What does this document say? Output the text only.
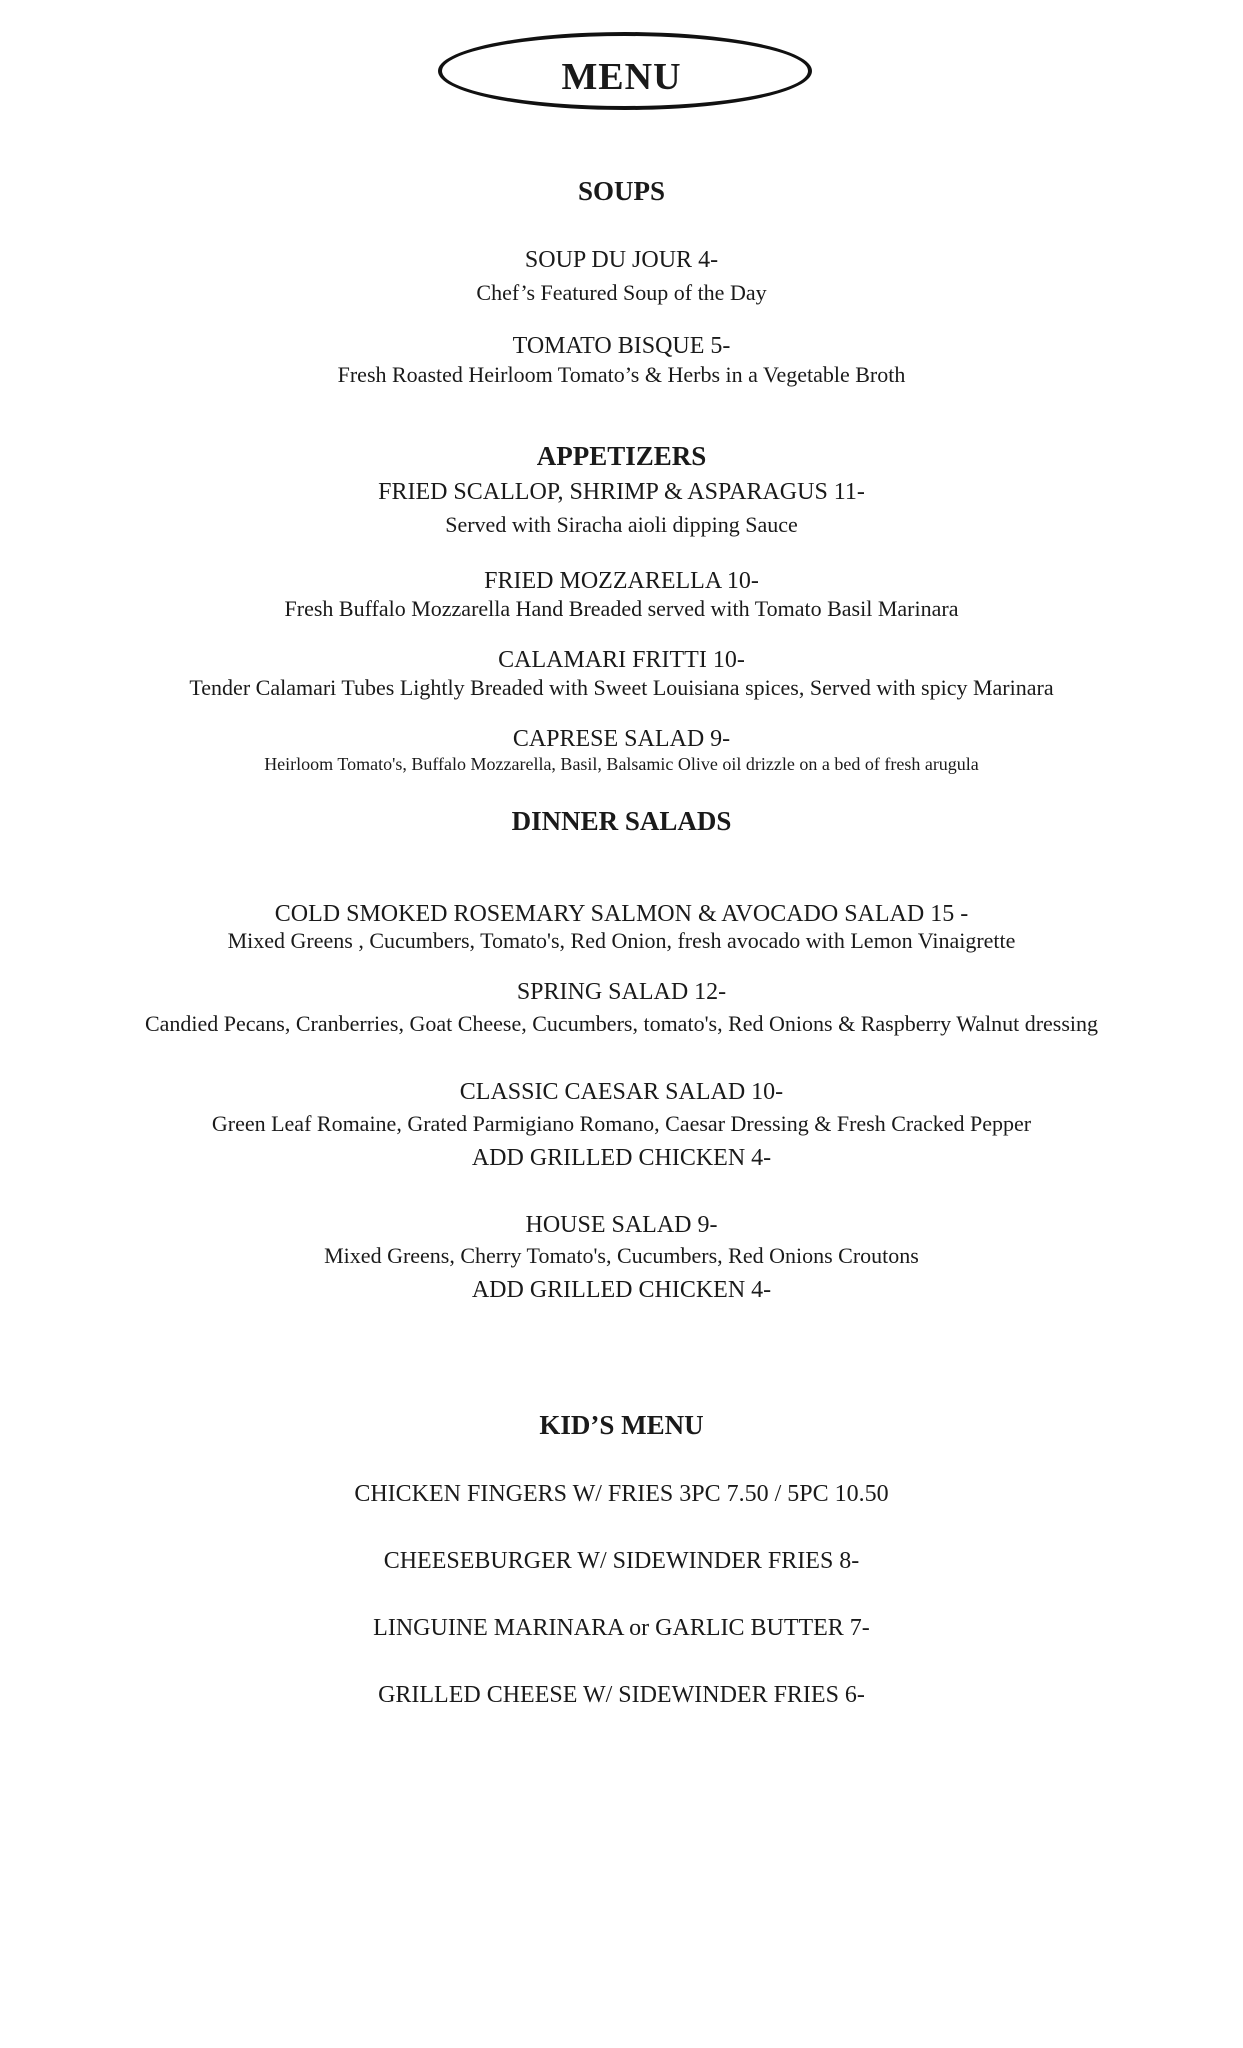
MENU
SOUPS
SOUP DU JOUR 4-
Chef’s Featured Soup of the Day
TOMATO BISQUE 5-
Fresh Roasted Heirloom Tomato’s & Herbs in a Vegetable Broth
APPETIZERS
FRIED SCALLOP, SHRIMP & ASPARAGUS 11-
Served with Siracha aioli dipping Sauce
FRIED MOZZARELLA 10-
Fresh Buffalo Mozzarella Hand Breaded served with Tomato Basil Marinara
CALAMARI FRITTI 10-
Tender Calamari Tubes Lightly Breaded with Sweet Louisiana spices, Served with spicy Marinara
CAPRESE SALAD 9-
Heirloom Tomato's, Buffalo Mozzarella, Basil, Balsamic Olive oil drizzle on a bed of fresh arugula
DINNER SALADS
COLD SMOKED ROSEMARY SALMON & AVOCADO SALAD 15 -
Mixed Greens , Cucumbers, Tomato's, Red Onion, fresh avocado with Lemon Vinaigrette
SPRING SALAD 12-
Candied Pecans, Cranberries, Goat Cheese, Cucumbers, tomato's, Red Onions & Raspberry Walnut dressing
CLASSIC CAESAR SALAD 10-
Green Leaf Romaine, Grated Parmigiano Romano, Caesar Dressing & Fresh Cracked Pepper
ADD GRILLED CHICKEN 4-
HOUSE SALAD 9-
Mixed Greens, Cherry Tomato's, Cucumbers, Red Onions Croutons
ADD GRILLED CHICKEN 4-
KID’S MENU
CHICKEN FINGERS W/ FRIES 3PC 7.50 / 5PC 10.50
CHEESEBURGER W/ SIDEWINDER FRIES 8-
LINGUINE MARINARA or GARLIC BUTTER 7-
GRILLED CHEESE W/ SIDEWINDER FRIES 6-
